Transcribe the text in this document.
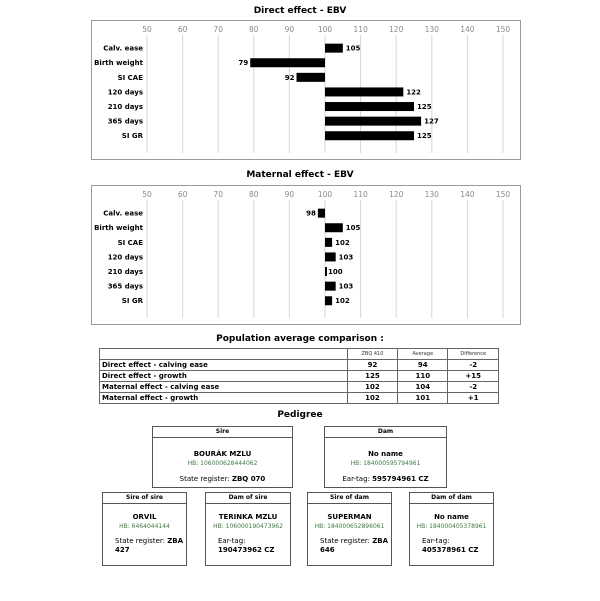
Direct effect - EBV
50	60	70	80	90	100	110	120	130	140	150
Calv. ease	105
Birth weight	79
SI CAE	92
120 days	122
210 days	125
365 days	127
SI GR	125
Maternal effect - EBV
50	60	70	80	90	100	110	120	130	140	150
Calv. ease	98
Birth weight	105
SI CAE	102
120 days	103
210 days	100
365 days	103
SI GR	102
Population average comparison :
	ZBQ 410	Average	Difference
Direct effect - calving ease	92	94	-2
Direct effect - growth	125	110	+15
Maternal effect - calving ease	102	104	-2
Maternal effect - growth	102	101	+1
Pedigree
Sire
BOURÁK MZLU
HB: 106000628444062
State register: ZBQ 070
Dam
No name
HB: 184000595794961
Ear-tag: 595794961 CZ
Sire of sire
ORVIL
HB: 6464044144
State register: ZBA 427
Dam of sire
TERINKA MZLU
HB: 106000190473962
Ear-tag: 190473962 CZ
Sire of dam
SUPERMAN
HB: 184000652896061
State register: ZBA 646
Dam of dam
No name
HB: 184000405378961
Ear-tag: 405378961 CZ
